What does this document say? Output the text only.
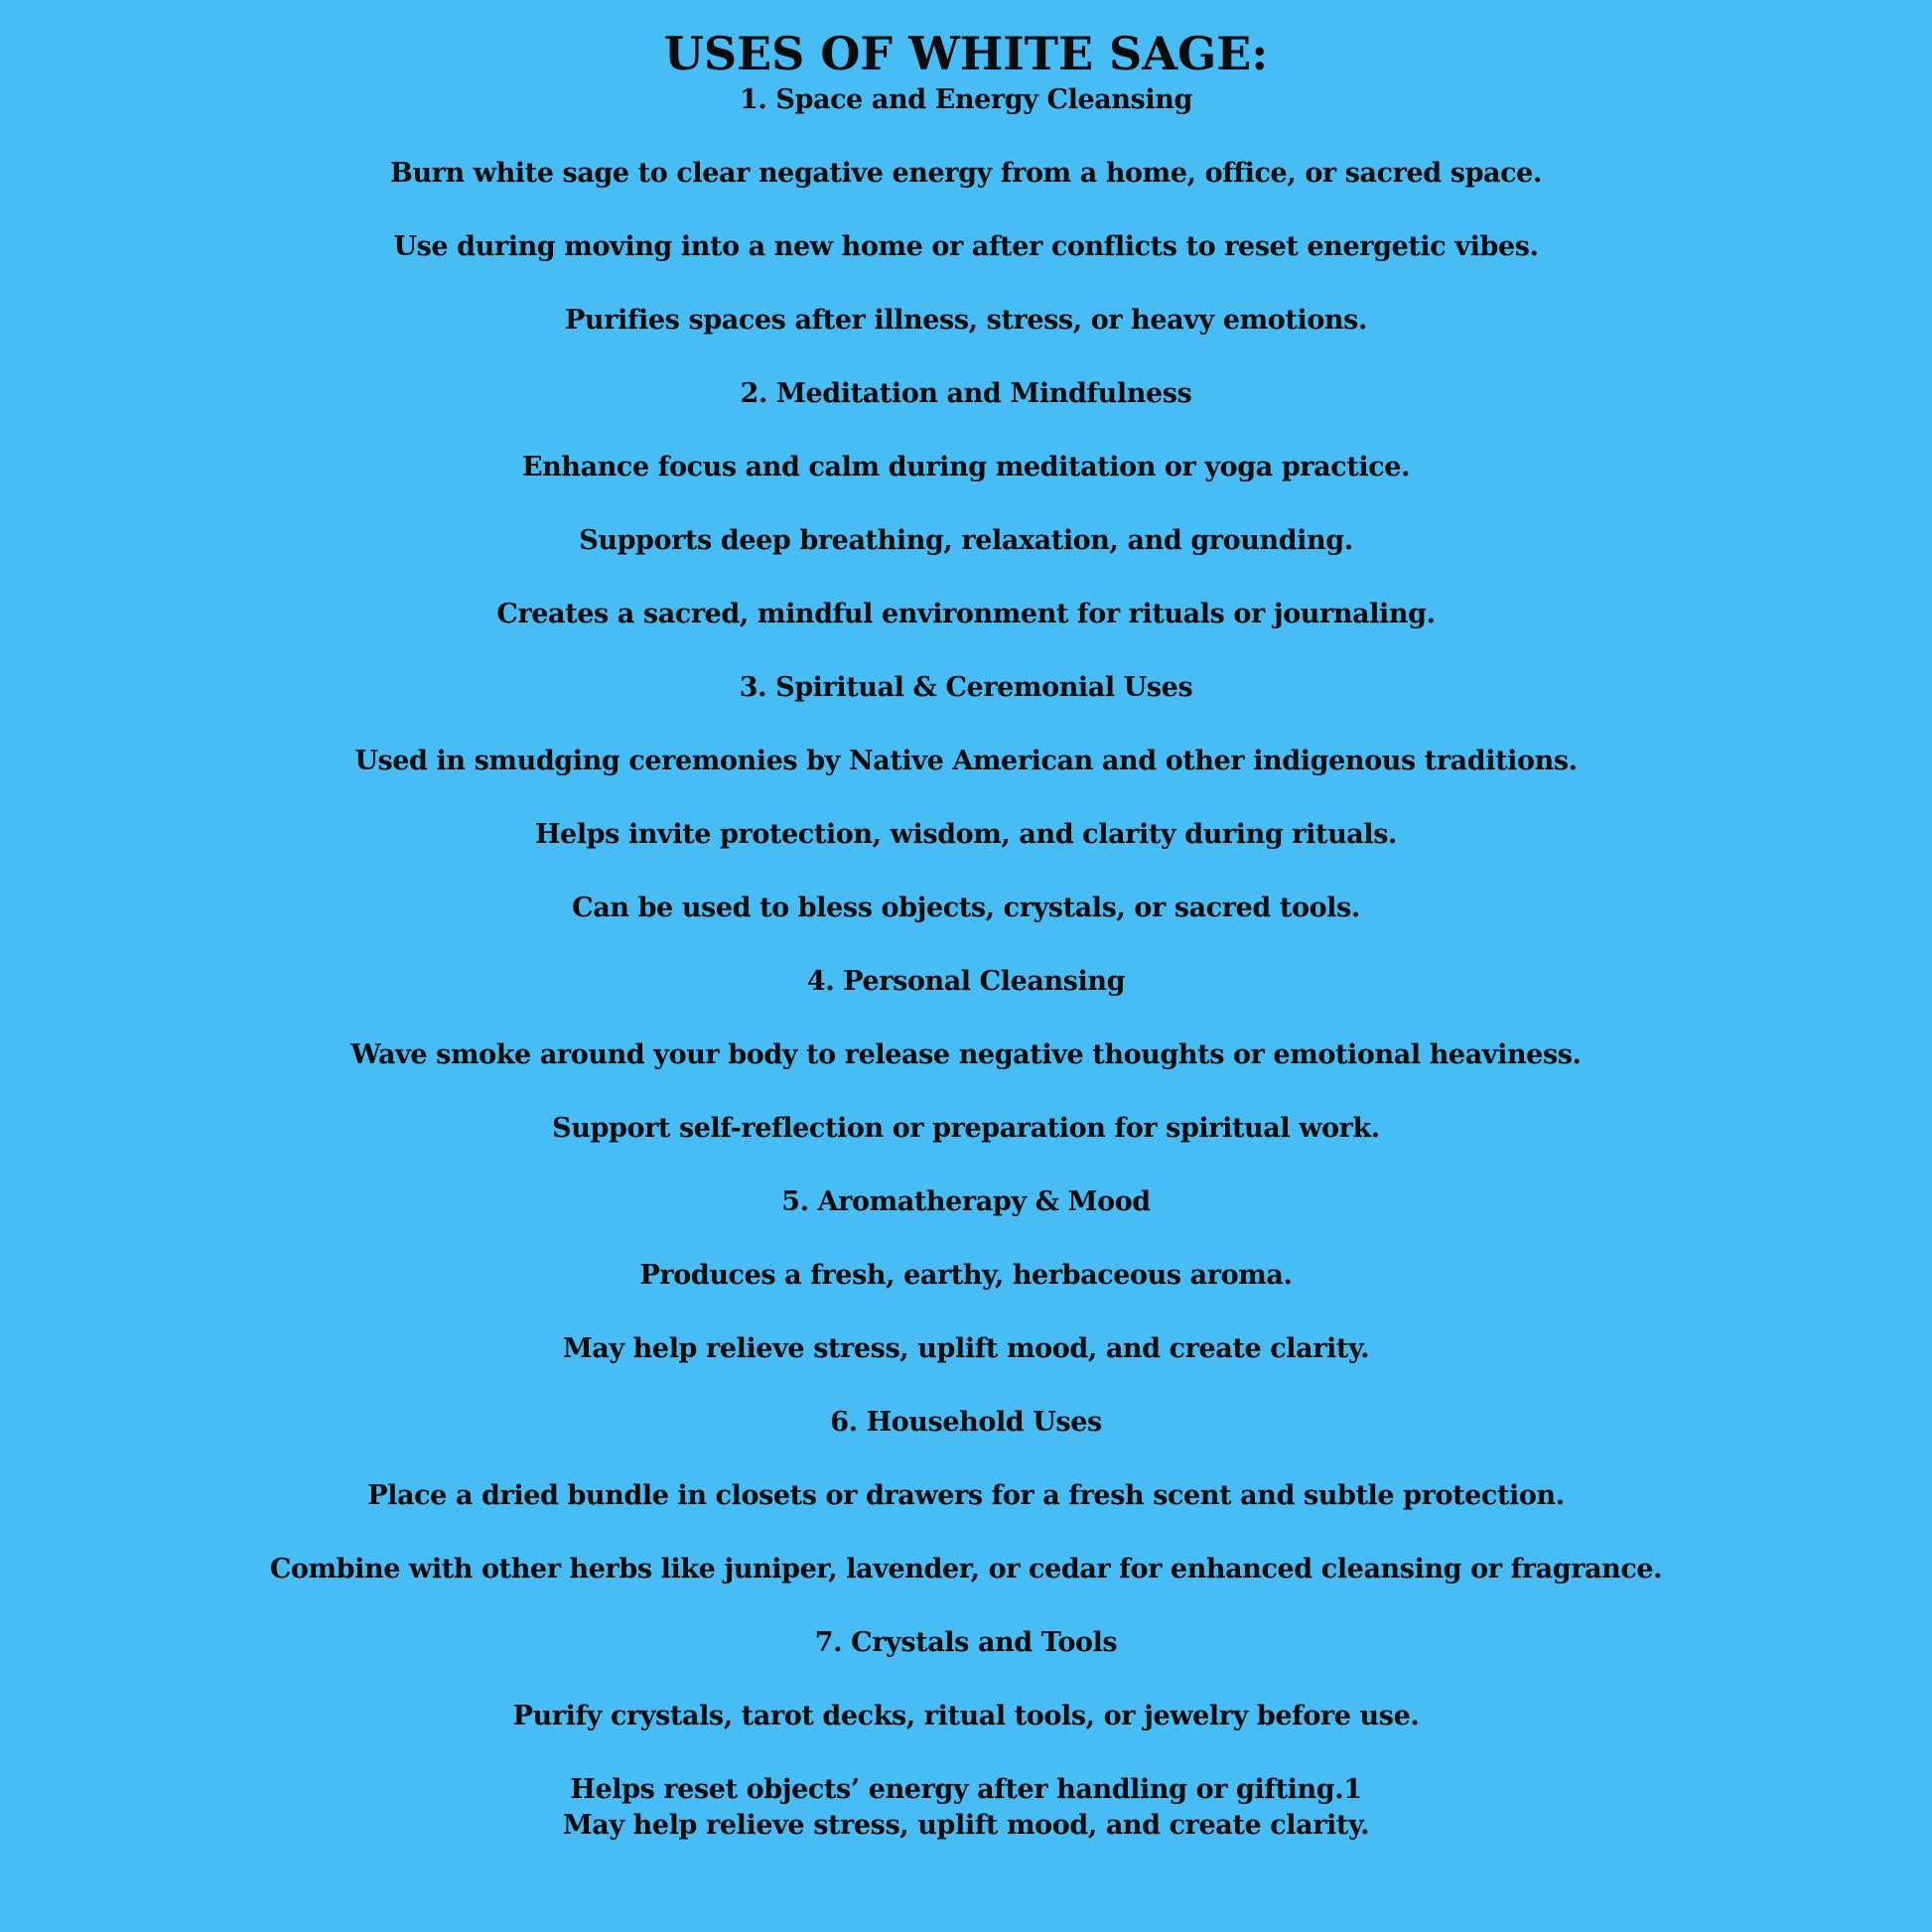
USES OF WHITE SAGE:
1. Space and Energy Cleansing
Burn white sage to clear negative energy from a home, office, or sacred space.
Use during moving into a new home or after conflicts to reset energetic vibes.
Purifies spaces after illness, stress, or heavy emotions.
2. Meditation and Mindfulness
Enhance focus and calm during meditation or yoga practice.
Supports deep breathing, relaxation, and grounding.
Creates a sacred, mindful environment for rituals or journaling.
3. Spiritual & Ceremonial Uses
Used in smudging ceremonies by Native American and other indigenous traditions.
Helps invite protection, wisdom, and clarity during rituals.
Can be used to bless objects, crystals, or sacred tools.
4. Personal Cleansing
Wave smoke around your body to release negative thoughts or emotional heaviness.
Support self-reflection or preparation for spiritual work.
5. Aromatherapy & Mood
Produces a fresh, earthy, herbaceous aroma.
May help relieve stress, uplift mood, and create clarity.
6. Household Uses
Place a dried bundle in closets or drawers for a fresh scent and subtle protection.
Combine with other herbs like juniper, lavender, or cedar for enhanced cleansing or fragrance.
7. Crystals and Tools
Purify crystals, tarot decks, ritual tools, or jewelry before use.
Helps reset objects’ energy after handling or gifting.1
May help relieve stress, uplift mood, and create clarity.
